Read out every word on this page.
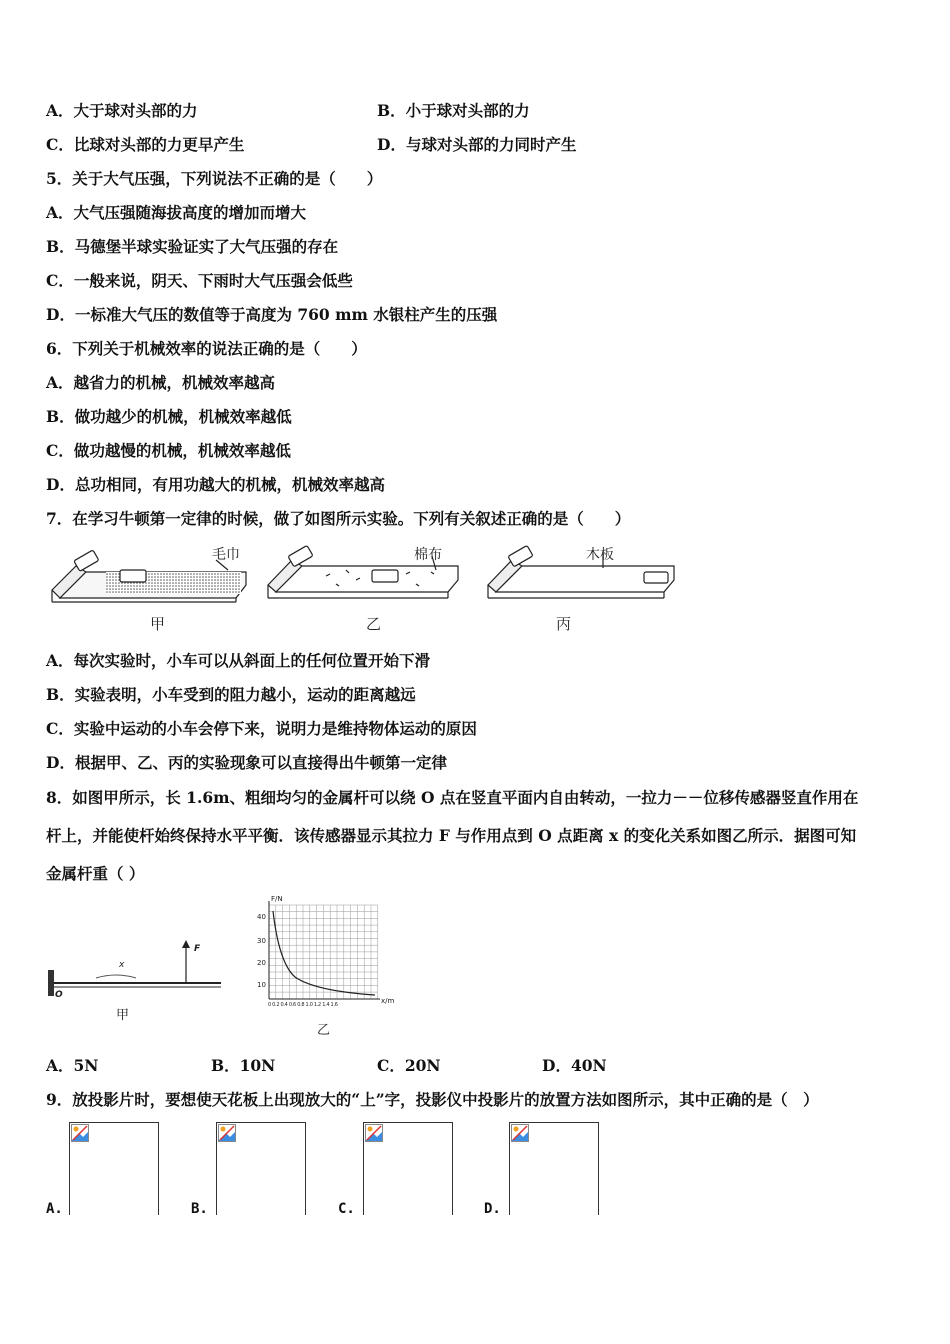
A．大于球对头部的力	B．小于球对头部的力
C．比球对头部的力更早产生	D．与球对头部的力同时产生
5．关于大气压强，下列说法不正确的是（　　）
A．大气压强随海拔高度的增加而增大
B．马德堡半球实验证实了大气压强的存在
C．一般来说，阴天、下雨时大气压强会低些
D．一标准大气压的数值等于高度为 760 mm 水银柱产生的压强
6．下列关于机械效率的说法正确的是（　　）
A．越省力的机械，机械效率越高
B．做功越少的机械，机械效率越低
C．做功越慢的机械，机械效率越低
D．总功相同，有用功越大的机械，机械效率越高
7．在学习牛顿第一定律的时候，做了如图所示实验。下列有关叙述正确的是（　　）
毛巾	棉布	木板
甲	乙	丙
A．每次实验时，小车可以从斜面上的任何位置开始下滑
B．实验表明，小车受到的阻力越小，运动的距离越远
C．实验中运动的小车会停下来，说明力是维持物体运动的原因
D．根据甲、乙、丙的实验现象可以直接得出牛顿第一定律
8．如图甲所示，长 1.6m、粗细均匀的金属杆可以绕 O 点在竖直平面内自由转动，一拉力－－位移传感器竖直作用在
杆上，并能使杆始终保持水平平衡．该传感器显示其拉力 F 与作用点到 O 点距离 x 的变化关系如图乙所示．据图可知
金属杆重（ ）
O
x
F
甲
F/N
x/m
40
30
20
10
0 0.2 0.4 0.6 0.8 1.0 1.2 1.4 1.6
乙
A．5N	B．10N	C．20N	D．40N
9．放投影片时，要想使天花板上出现放大的“上”字，投影仪中投影片的放置方法如图所示，其中正确的是（　）
A.	B.	C.	D.
